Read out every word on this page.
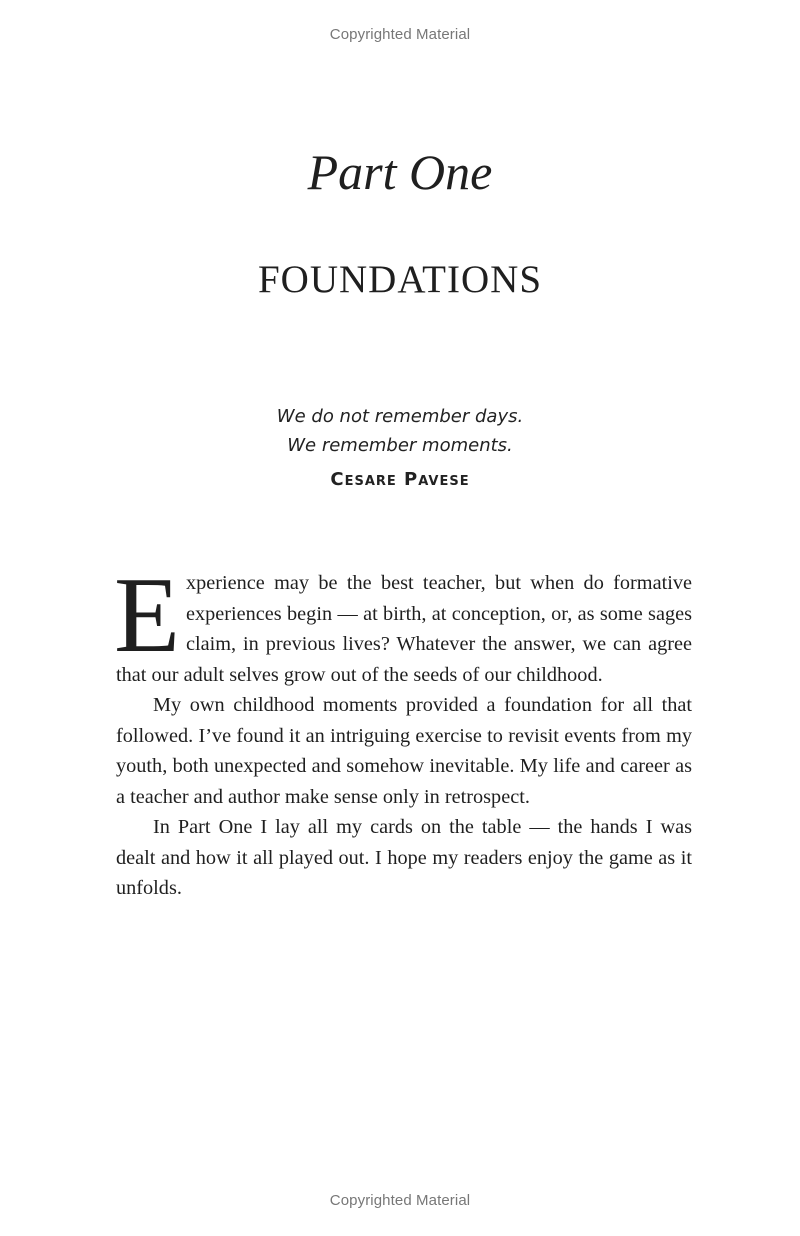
Copyrighted Material
Part One
FOUNDATIONS
We do not remember days.
We remember moments.
Cesare Pavese

Experience may be the best teacher, but when do formative experiences begin — at birth, at conception, or, as some sages claim, in previous lives? Whatever the answer, we can agree that our adult selves grow out of the seeds of our childhood.

My own childhood moments provided a foundation for all that followed. I’ve found it an intriguing exercise to revisit events from my youth, both unexpected and somehow inevitable. My life and career as a teacher and author make sense only in retrospect.

In Part One I lay all my cards on the table — the hands I was dealt and how it all played out. I hope my readers enjoy the game as it unfolds.

Copyrighted Material
